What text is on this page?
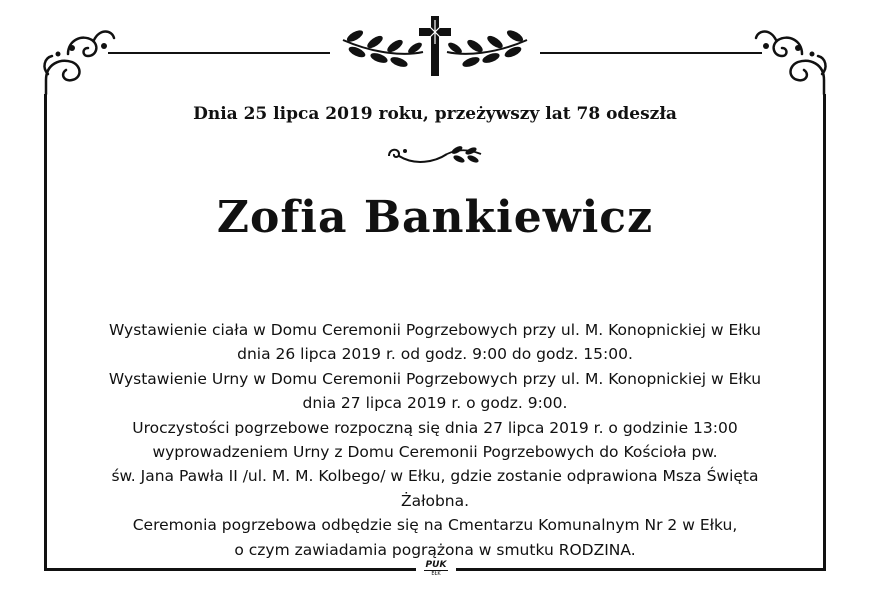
Dnia 25 lipca 2019 roku, przeżywszy lat 78 odeszła
Zofia Bankiewicz
Wystawienie ciała w Domu Ceremonii Pogrzebowych przy ul. M. Konopnickiej w Ełku
dnia 26 lipca 2019 r. od godz. 9:00 do godz. 15:00.
Wystawienie Urny w Domu Ceremonii Pogrzebowych przy ul. M. Konopnickiej w Ełku
dnia 27 lipca 2019 r. o godz. 9:00.
Uroczystości pogrzebowe rozpoczną się dnia 27 lipca 2019 r. o godzinie 13:00
wyprowadzeniem Urny z Domu Ceremonii Pogrzebowych do Kościoła pw.
św. Jana Pawła II /ul. M. M. Kolbego/ w Ełku, gdzie zostanie odprawiona Msza Święta
Żałobna.
Ceremonia pogrzebowa odbędzie się na Cmentarzu Komunalnym Nr 2 w Ełku,
o czym zawiadamia pogrążona w smutku RODZINA.
PUK
EŁK
